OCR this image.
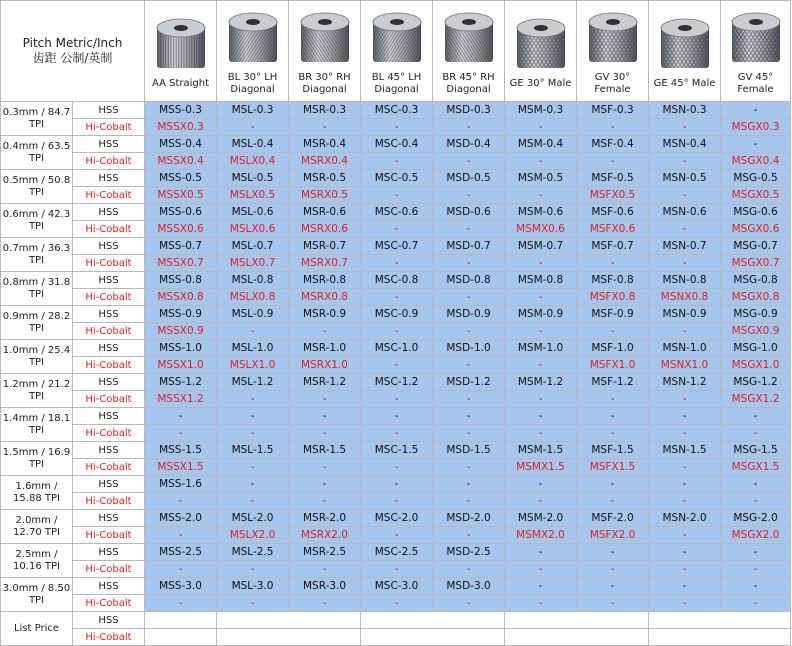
Pitch Metric/Inch
齿距 公制/英制		AA Straight	BL 30° LH Diagonal	BR 30° RH Diagonal	BL 45° LH Diagonal	BR 45° RH Diagonal	GE 30° Male	GV 30° Female	GE 45° Male	GV 45° Female

0.3mm / 84.7 TPI	HSS	MSS-0.3	MSL-0.3	MSR-0.3	MSC-0.3	MSD-0.3	MSM-0.3	MSF-0.3	MSN-0.3	-
	Hi-Cobalt	MSSX0.3	-	-	-	-	-	-	-	MSGX0.3
0.4mm / 63.5 TPI	HSS	MSS-0.4	MSL-0.4	MSR-0.4	MSC-0.4	MSD-0.4	MSM-0.4	MSF-0.4	MSN-0.4	-
	Hi-Cobalt	MSSX0.4	MSLX0.4	MSRX0.4	-	-	-	-	-	MSGX0.4
0.5mm / 50.8 TPI	HSS	MSS-0.5	MSL-0.5	MSR-0.5	MSC-0.5	MSD-0.5	MSM-0.5	MSF-0.5	MSN-0.5	MSG-0.5
	Hi-Cobalt	MSSX0.5	MSLX0.5	MSRX0.5	-	-	-	MSFX0.5	-	MSGX0.5
0.6mm / 42.3 TPI	HSS	MSS-0.6	MSL-0.6	MSR-0.6	MSC-0.6	MSD-0.6	MSM-0.6	MSF-0.6	MSN-0.6	MSG-0.6
	Hi-Cobalt	MSSX0.6	MSLX0.6	MSRX0.6	-	-	MSMX0.6	MSFX0.6	-	MSGX0.6
0.7mm / 36.3 TPI	HSS	MSS-0.7	MSL-0.7	MSR-0.7	MSC-0.7	MSD-0.7	MSM-0.7	MSF-0.7	MSN-0.7	MSG-0.7
	Hi-Cobalt	MSSX0.7	MSLX0.7	MSRX0.7	-	-	-	-	-	MSGX0.7
0.8mm / 31.8 TPI	HSS	MSS-0.8	MSL-0.8	MSR-0.8	MSC-0.8	MSD-0.8	MSM-0.8	MSF-0.8	MSN-0.8	MSG-0.8
	Hi-Cobalt	MSSX0.8	MSLX0.8	MSRX0.8	-	-	-	MSFX0.8	MSNX0.8	MSGX0.8
0.9mm / 28.2 TPI	HSS	MSS-0.9	MSL-0.9	MSR-0.9	MSC-0.9	MSD-0.9	MSM-0.9	MSF-0.9	MSN-0.9	MSG-0.9
	Hi-Cobalt	MSSX0.9	-	-	-	-	-	-	-	MSGX0.9
1.0mm / 25.4 TPI	HSS	MSS-1.0	MSL-1.0	MSR-1.0	MSC-1.0	MSD-1.0	MSM-1.0	MSF-1.0	MSN-1.0	MSG-1.0
	Hi-Cobalt	MSSX1.0	MSLX1.0	MSRX1.0	-	-	-	MSFX1.0	MSNX1.0	MSGX1.0
1.2mm / 21.2 TPI	HSS	MSS-1.2	MSL-1.2	MSR-1.2	MSC-1.2	MSD-1.2	MSM-1.2	MSF-1.2	MSN-1.2	MSG-1.2
	Hi-Cobalt	MSSX1.2	-	-	-	-	-	-	-	MSGX1.2
1.4mm / 18.1 TPI	HSS	-	-	-	-	-	-	-	-	-
	Hi-Cobalt	-	-	-	-	-	-	-	-	-
1.5mm / 16.9 TPI	HSS	MSS-1.5	MSL-1.5	MSR-1.5	MSC-1.5	MSD-1.5	MSM-1.5	MSF-1.5	MSN-1.5	MSG-1.5
	Hi-Cobalt	MSSX1.5	-	-	-	-	MSMX1.5	MSFX1.5	-	MSGX1.5
1.6mm / 15.88 TPI	HSS	MSS-1.6	-	-	-	-	-	-	-	-
	Hi-Cobalt	-	-	-	-	-	-	-	-	-
2.0mm / 12.70 TPI	HSS	MSS-2.0	MSL-2.0	MSR-2.0	MSC-2.0	MSD-2.0	MSM-2.0	MSF-2.0	MSN-2.0	MSG-2.0
	Hi-Cobalt	-	MSLX2.0	MSRX2.0	-	-	MSMX2.0	MSFX2.0	-	MSGX2.0
2.5mm / 10.16 TPI	HSS	MSS-2.5	MSL-2.5	MSR-2.5	MSC-2.5	MSD-2.5	-	-	-	-
	Hi-Cobalt	-	-	-	-	-	-	-	-	-
3.0mm / 8.50 TPI	HSS	MSS-3.0	MSL-3.0	MSR-3.0	MSC-3.0	MSD-3.0	-	-	-	-
	Hi-Cobalt	-	-	-	-	-	-	-	-	-
List Price	HSS									
	Hi-Cobalt									
